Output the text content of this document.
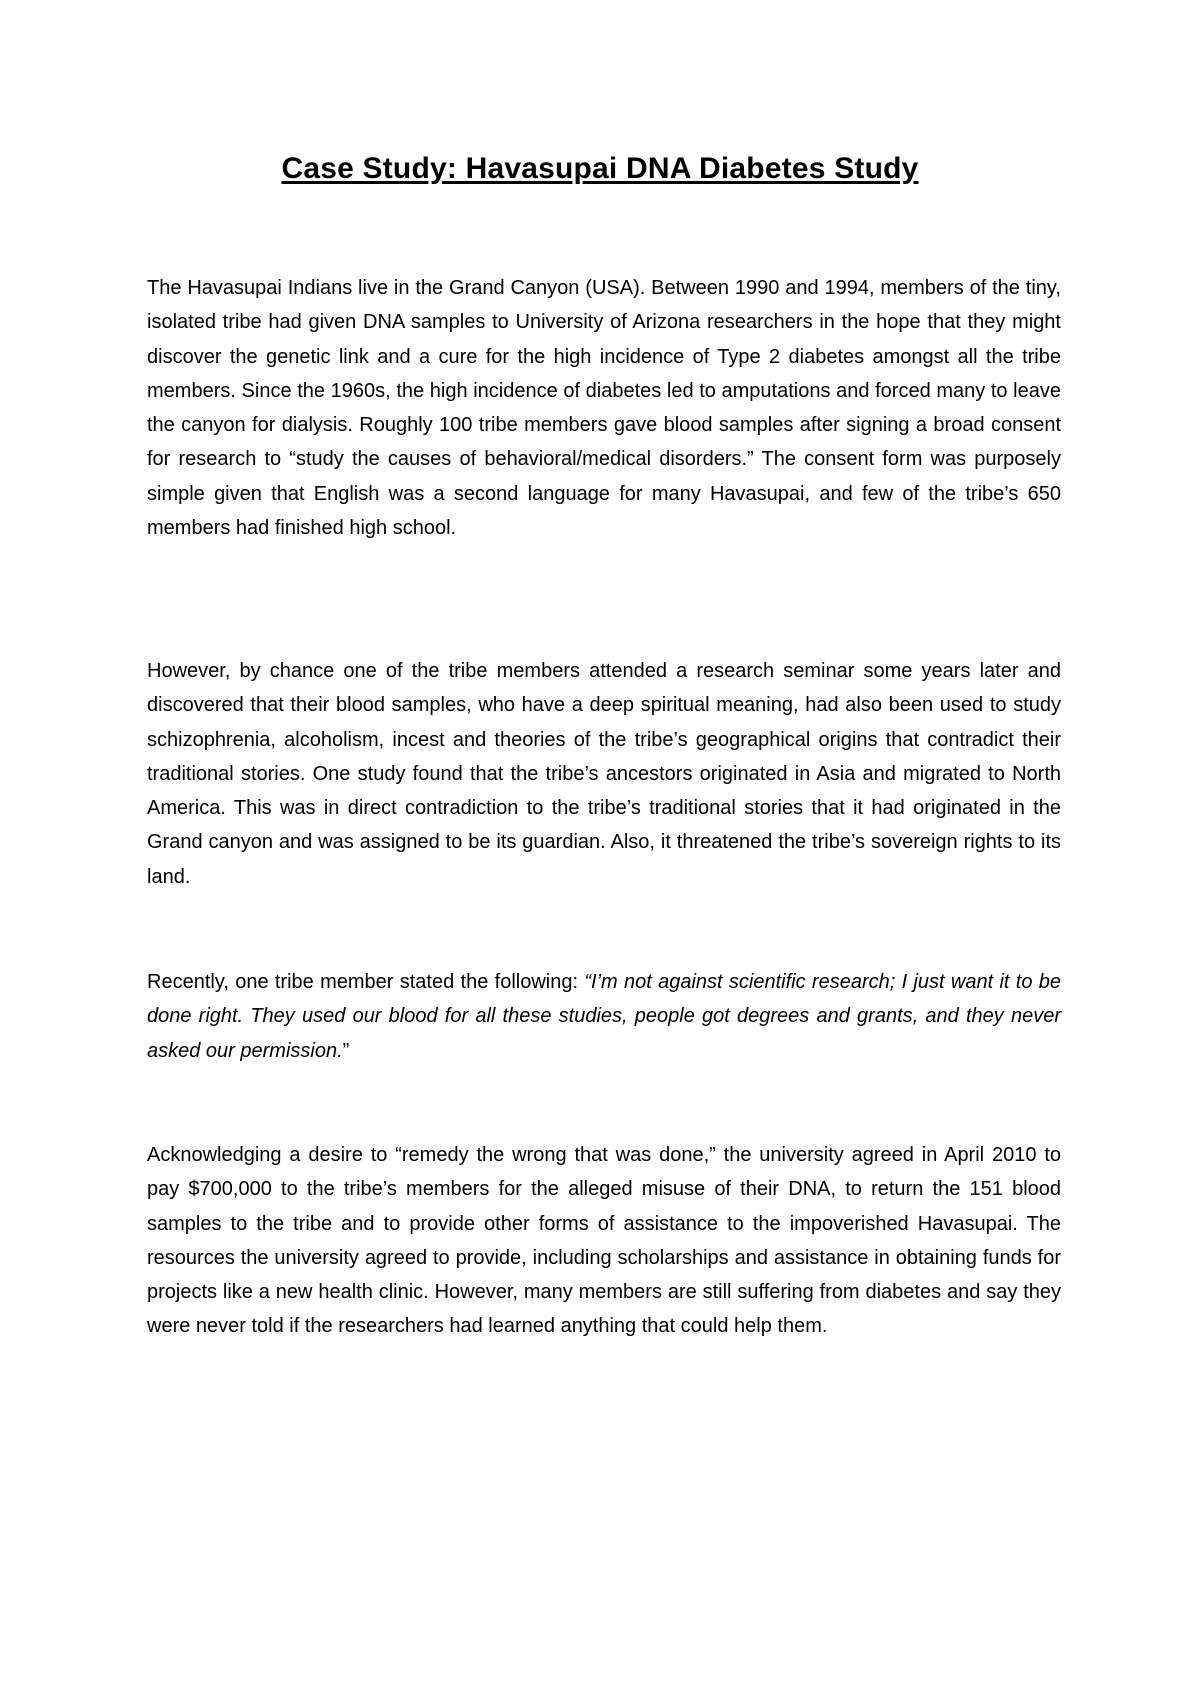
Case Study: Havasupai DNA Diabetes Study

The Havasupai Indians live in the Grand Canyon (USA). Between 1990 and 1994, members of the tiny, isolated tribe had given DNA samples to University of Arizona researchers in the hope that they might discover the genetic link and a cure for the high incidence of Type 2 diabetes amongst all the tribe members. Since the 1960s, the high incidence of diabetes led to amputations and forced many to leave the canyon for dialysis. Roughly 100 tribe members gave blood samples after signing a broad consent for research to “study the causes of behavioral/medical disorders.” The consent form was purposely simple given that English was a second language for many Havasupai, and few of the tribe’s 650 members had finished high school.

However, by chance one of the tribe members attended a research seminar some years later and discovered that their blood samples, who have a deep spiritual meaning, had also been used to study schizophrenia, alcoholism, incest and theories of the tribe’s geographical origins that contradict their traditional stories. One study found that the tribe’s ancestors originated in Asia and migrated to North America. This was in direct contradiction to the tribe’s traditional stories that it had originated in the Grand canyon and was assigned to be its guardian. Also, it threatened the tribe’s sovereign rights to its land.

Recently, one tribe member stated the following: “I’m not against scientific research; I just want it to be done right. They used our blood for all these studies, people got degrees and grants, and they never asked our permission.”

Acknowledging a desire to “remedy the wrong that was done,” the university agreed in April 2010 to pay $700,000 to the tribe’s members for the alleged misuse of their DNA, to return the 151 blood samples to the tribe and to provide other forms of assistance to the impoverished Havasupai. The resources the university agreed to provide, including scholarships and assistance in obtaining funds for projects like a new health clinic. However, many members are still suffering from diabetes and say they were never told if the researchers had learned anything that could help them.
